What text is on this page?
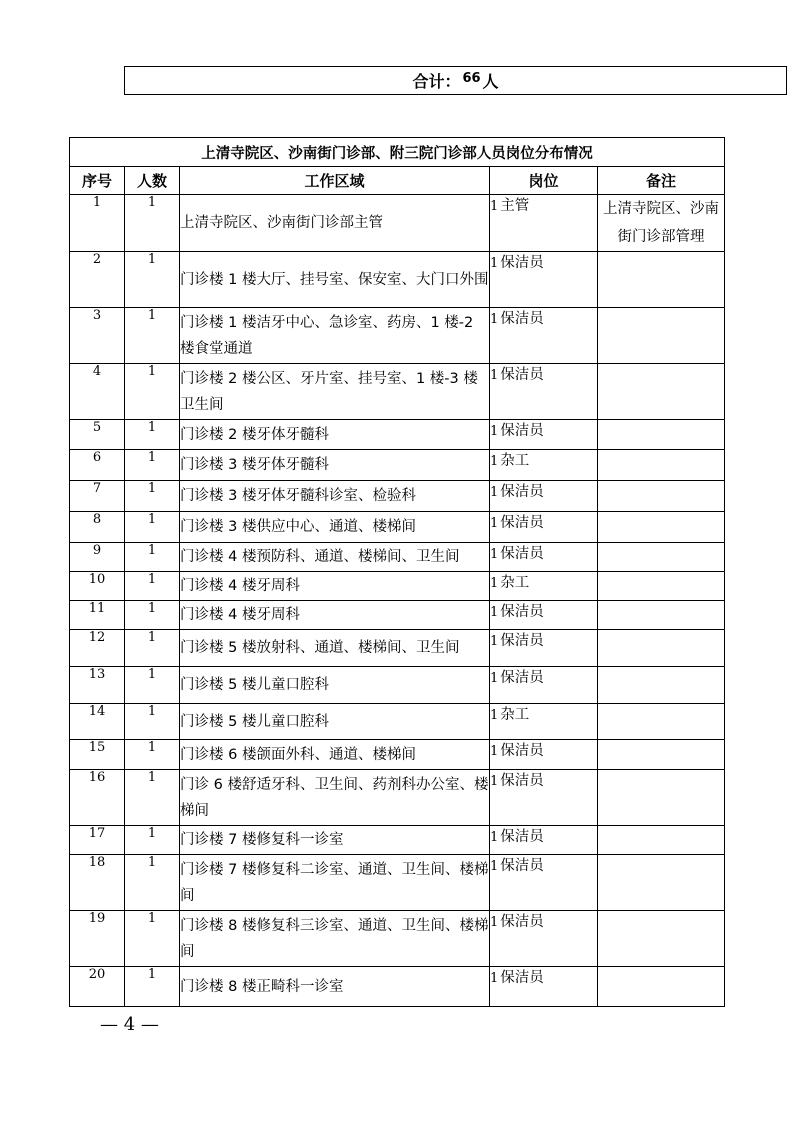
合计： 66 人
上清寺院区、沙南街门诊部、附三院门诊部人员岗位分布情况				
序号	人数	工作区域	岗位	备注
1	1	上清寺院区、沙南街门诊部主管	1 主管	上清寺院区、沙南街门诊部管理
2	1	门诊楼 1 楼大厅、挂号室、保安室、大门口外围	1 保洁员	
3	1	门诊楼 1 楼洁牙中心、急诊室、药房、1 楼-2 楼食堂通道	1 保洁员	
4	1	门诊楼 2 楼公区、牙片室、挂号室、1 楼-3 楼卫生间	1 保洁员	
5	1	门诊楼 2 楼牙体牙髓科	1 保洁员	
6	1	门诊楼 3 楼牙体牙髓科	1 杂工	
7	1	门诊楼 3 楼牙体牙髓科诊室、检验科	1 保洁员	
8	1	门诊楼 3 楼供应中心、通道、楼梯间	1 保洁员	
9	1	门诊楼 4 楼预防科、通道、楼梯间、卫生间	1 保洁员	
10	1	门诊楼 4 楼牙周科	1 杂工	
11	1	门诊楼 4 楼牙周科	1 保洁员	
12	1	门诊楼 5 楼放射科、通道、楼梯间、卫生间	1 保洁员	
13	1	门诊楼 5 楼儿童口腔科	1 保洁员	
14	1	门诊楼 5 楼儿童口腔科	1 杂工	
15	1	门诊楼 6 楼颌面外科、通道、楼梯间	1 保洁员	
16	1	门诊 6 楼舒适牙科、卫生间、药剂科办公室、楼梯间	1 保洁员	
17	1	门诊楼 7 楼修复科一诊室	1 保洁员	
18	1	门诊楼 7 楼修复科二诊室、通道、卫生间、楼梯间	1 保洁员	
19	1	门诊楼 8 楼修复科三诊室、通道、卫生间、楼梯间	1 保洁员	
20	1	门诊楼 8 楼正畸科一诊室	1 保洁员	
— 4 —
